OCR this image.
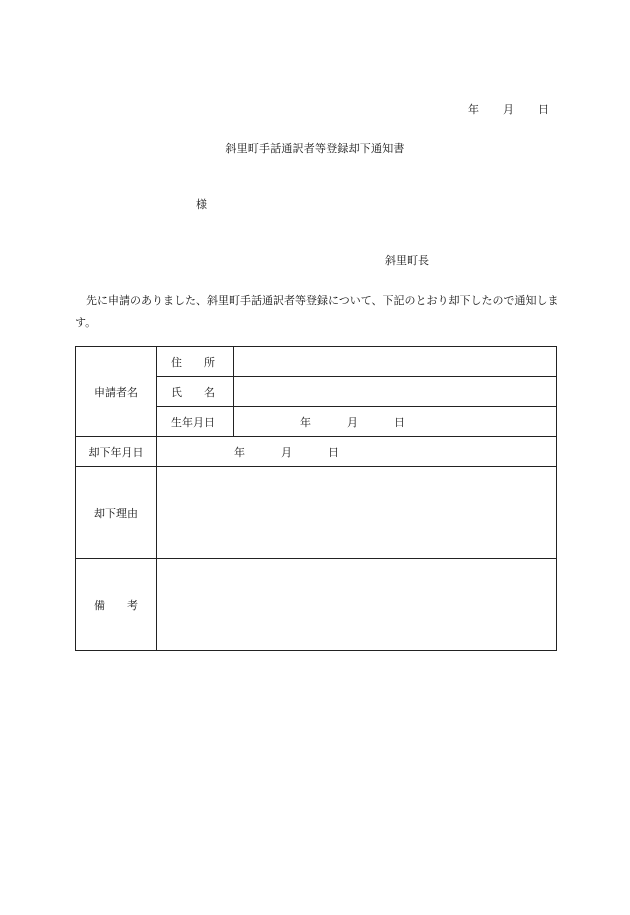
年 月 日
斜里町手話通訳者等登録却下通知書
様
斜里町長
先に申請のありました、斜里町手話通訳者等登録について、下記のとおり却下したので通知します。
申請者名	住　　所	
	氏　　名	
	生年月日	年 月 日
却下年月日	年 月 日	
却下理由		
備　　考		
